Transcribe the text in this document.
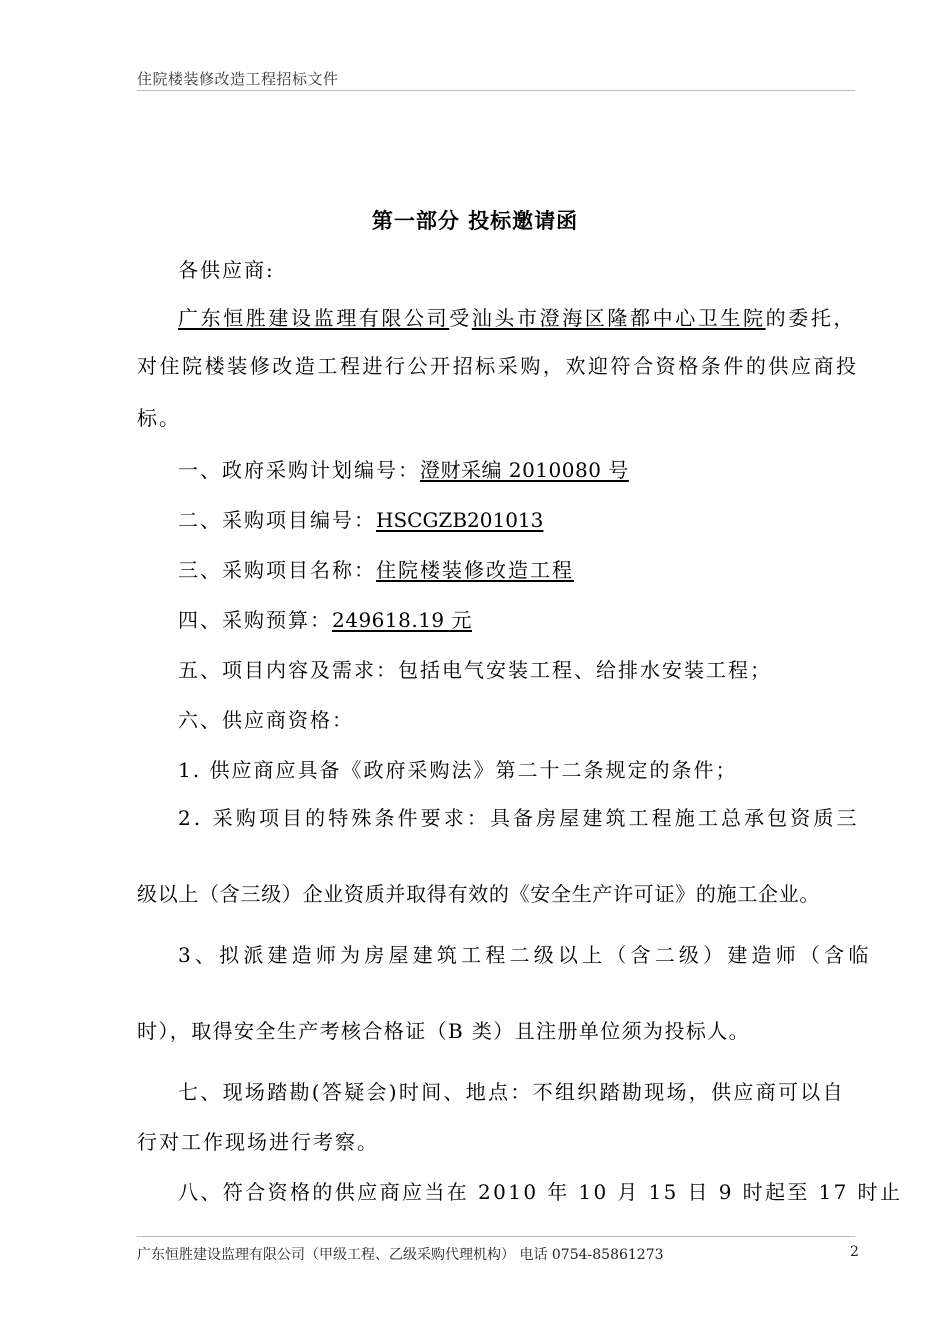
住院楼装修改造工程招标文件
第一部分 投标邀请函
各供应商:
广东恒胜建设监理有限公司受汕头市澄海区隆都中心卫生院的委托，
对住院楼装修改造工程进行公开招标采购，欢迎符合资格条件的供应商投
标。
一、政府采购计划编号：澄财采编 2010080 号
二、采购项目编号：HSCGZB201013
三、采购项目名称：住院楼装修改造工程
四、采购预算：249618.19 元
五、项目内容及需求：包括电气安装工程、给排水安装工程；
六、供应商资格：
1. 供应商应具备《政府采购法》第二十二条规定的条件；
2. 采购项目的特殊条件要求：具备房屋建筑工程施工总承包资质三
级以上（含三级）企业资质并取得有效的《安全生产许可证》的施工企业。
3、拟派建造师为房屋建筑工程二级以上（含二级）建造师（含临
时），取得安全生产考核合格证（B 类）且注册单位须为投标人。
七、现场踏勘(答疑会)时间、地点：不组织踏勘现场，供应商可以自
行对工作现场进行考察。
八、符合资格的供应商应当在 2010 年 10 月 15 日 9 时起至 17 时止
广东恒胜建设监理有限公司（甲级工程、乙级采购代理机构） 电话 0754-85861273	2
